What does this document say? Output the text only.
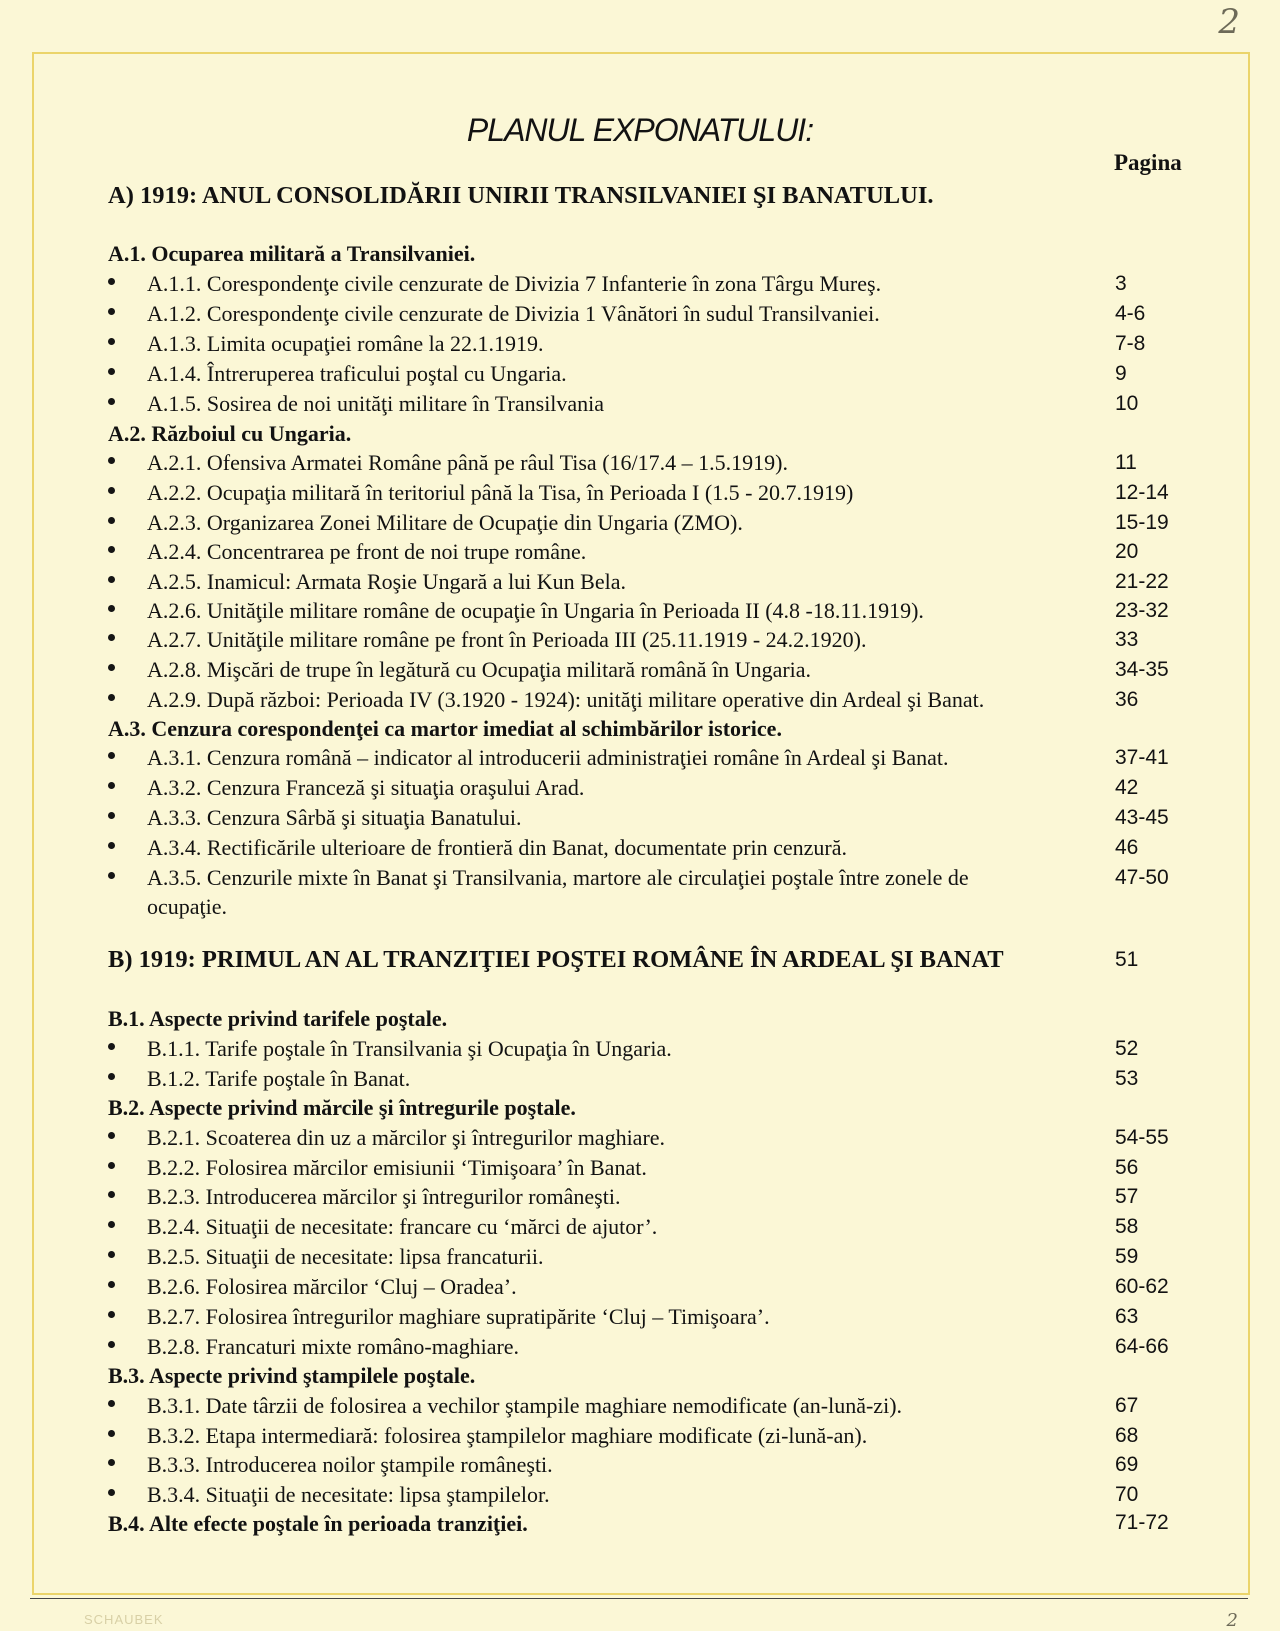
2
PLANUL EXPONATULUI:
Pagina
A) 1919: ANUL CONSOLIDĂRII UNIRII TRANSILVANIEI ŞI BANATULUI.
A.1. Ocuparea militară a Transilvaniei.
A.1.1. Corespondenţe civile cenzurate de Divizia 7 Infanterie în zona Târgu Mureş.	3
A.1.2. Corespondenţe civile cenzurate de Divizia 1 Vânători în sudul Transilvaniei.	4-6
A.1.3. Limita ocupaţiei române la 22.1.1919.	7-8
A.1.4. Întreruperea traficului poştal cu Ungaria.	9
A.1.5. Sosirea de noi unităţi militare în Transilvania	10
A.2. Războiul cu Ungaria.
A.2.1. Ofensiva Armatei Române până pe râul Tisa (16/17.4 – 1.5.1919).	11
A.2.2. Ocupaţia militară în teritoriul până la Tisa, în Perioada I (1.5 - 20.7.1919)	12-14
A.2.3. Organizarea Zonei Militare de Ocupaţie din Ungaria (ZMO).	15-19
A.2.4. Concentrarea pe front de noi trupe române.	20
A.2.5. Inamicul: Armata Roşie Ungară a lui Kun Bela.	21-22
A.2.6. Unităţile militare române de ocupaţie în Ungaria în Perioada II (4.8 -18.11.1919).	23-32
A.2.7. Unităţile militare române pe front în Perioada III (25.11.1919 - 24.2.1920).	33
A.2.8. Mişcări de trupe în legătură cu Ocupaţia militară română în Ungaria.	34-35
A.2.9. După război: Perioada IV (3.1920 - 1924): unităţi militare operative din Ardeal şi Banat.	36
A.3. Cenzura corespondenţei ca martor imediat al schimbărilor istorice.
A.3.1. Cenzura română – indicator al introducerii administraţiei române în Ardeal şi Banat.	37-41
A.3.2. Cenzura Franceză şi situaţia oraşului Arad.	42
A.3.3. Cenzura Sârbă şi situaţia Banatului.	43-45
A.3.4. Rectificările ulterioare de frontieră din Banat, documentate prin cenzură.	46
A.3.5. Cenzurile mixte în Banat şi Transilvania, martore ale circulaţiei poştale între zonele de	47-50
ocupaţie.
B) 1919: PRIMUL AN AL TRANZIŢIEI POŞTEI ROMÂNE ÎN ARDEAL ŞI BANAT	51
B.1. Aspecte privind tarifele poştale.
B.1.1. Tarife poştale în Transilvania şi Ocupaţia în Ungaria.	52
B.1.2. Tarife poştale în Banat.	53
B.2. Aspecte privind mărcile şi întregurile poştale.
B.2.1. Scoaterea din uz a mărcilor şi întregurilor maghiare.	54-55
B.2.2. Folosirea mărcilor emisiunii ‘Timişoara’ în Banat.	56
B.2.3. Introducerea mărcilor şi întregurilor româneşti.	57
B.2.4. Situaţii de necesitate: francare cu ‘mărci de ajutor’.	58
B.2.5. Situaţii de necesitate: lipsa francaturii.	59
B.2.6. Folosirea mărcilor ‘Cluj – Oradea’.	60-62
B.2.7. Folosirea întregurilor maghiare supratipărite ‘Cluj – Timişoara’.	63
B.2.8. Francaturi mixte româno-maghiare.	64-66
B.3. Aspecte privind ştampilele poştale.
B.3.1. Date târzii de folosirea a vechilor ştampile maghiare nemodificate (an-lună-zi).	67
B.3.2. Etapa intermediară: folosirea ştampilelor maghiare modificate (zi-lună-an).	68
B.3.3. Introducerea noilor ştampile româneşti.	69
B.3.4. Situaţii de necesitate: lipsa ştampilelor.	70
B.4. Alte efecte poştale în perioada tranziţiei.	71-72
SCHAUBEK	2
